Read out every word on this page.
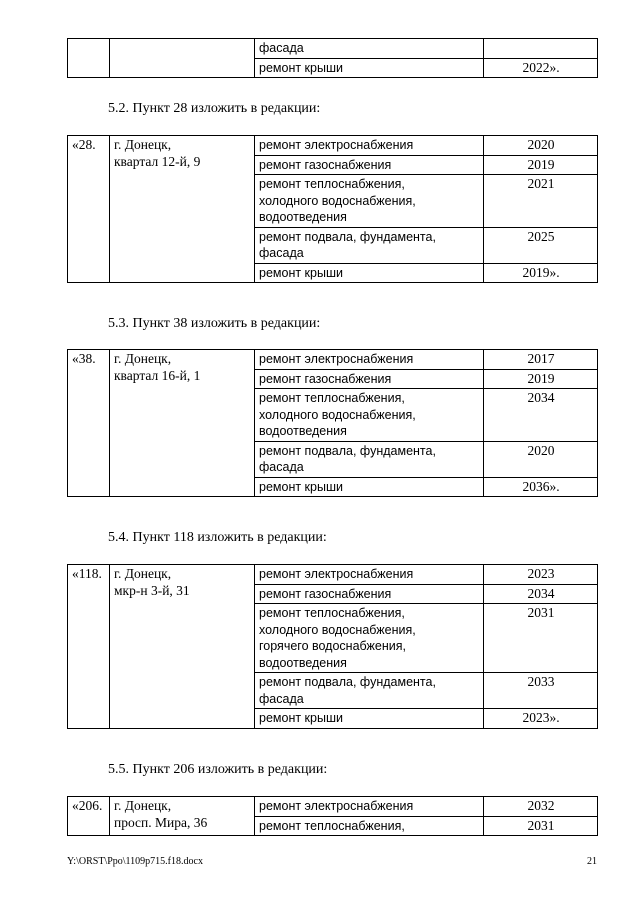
		фасада	

		ремонт крыши	2022».
5.2. Пункт 28 изложить в редакции:
«28.	г. Донецк,
квартал 12-й, 9	ремонт электроснабжения	2020

		ремонт газоснабжения	2019

		ремонт теплоснабжения,
холодного водоснабжения,
водоотведения	2021

		ремонт подвала, фундамента,
фасада	2025

		ремонт крыши	2019».
5.3. Пункт 38 изложить в редакции:
«38.	г. Донецк,
квартал 16-й, 1	ремонт электроснабжения	2017

		ремонт газоснабжения	2019

		ремонт теплоснабжения,
холодного водоснабжения,
водоотведения	2034

		ремонт подвала, фундамента,
фасада	2020

		ремонт крыши	2036».
5.4. Пункт 118 изложить в редакции:
«118.	г. Донецк,
мкр-н 3-й, 31	ремонт электроснабжения	2023

		ремонт газоснабжения	2034

		ремонт теплоснабжения,
холодного водоснабжения,
горячего водоснабжения,
водоотведения	2031

		ремонт подвала, фундамента,
фасада	2033

		ремонт крыши	2023».
5.5. Пункт 206 изложить в редакции:
«206.	г. Донецк,
просп. Мира, 36	ремонт электроснабжения	2032

		ремонт теплоснабжения,	2031
Y:\ORST\Ppo\1109p715.f18.docx	21
